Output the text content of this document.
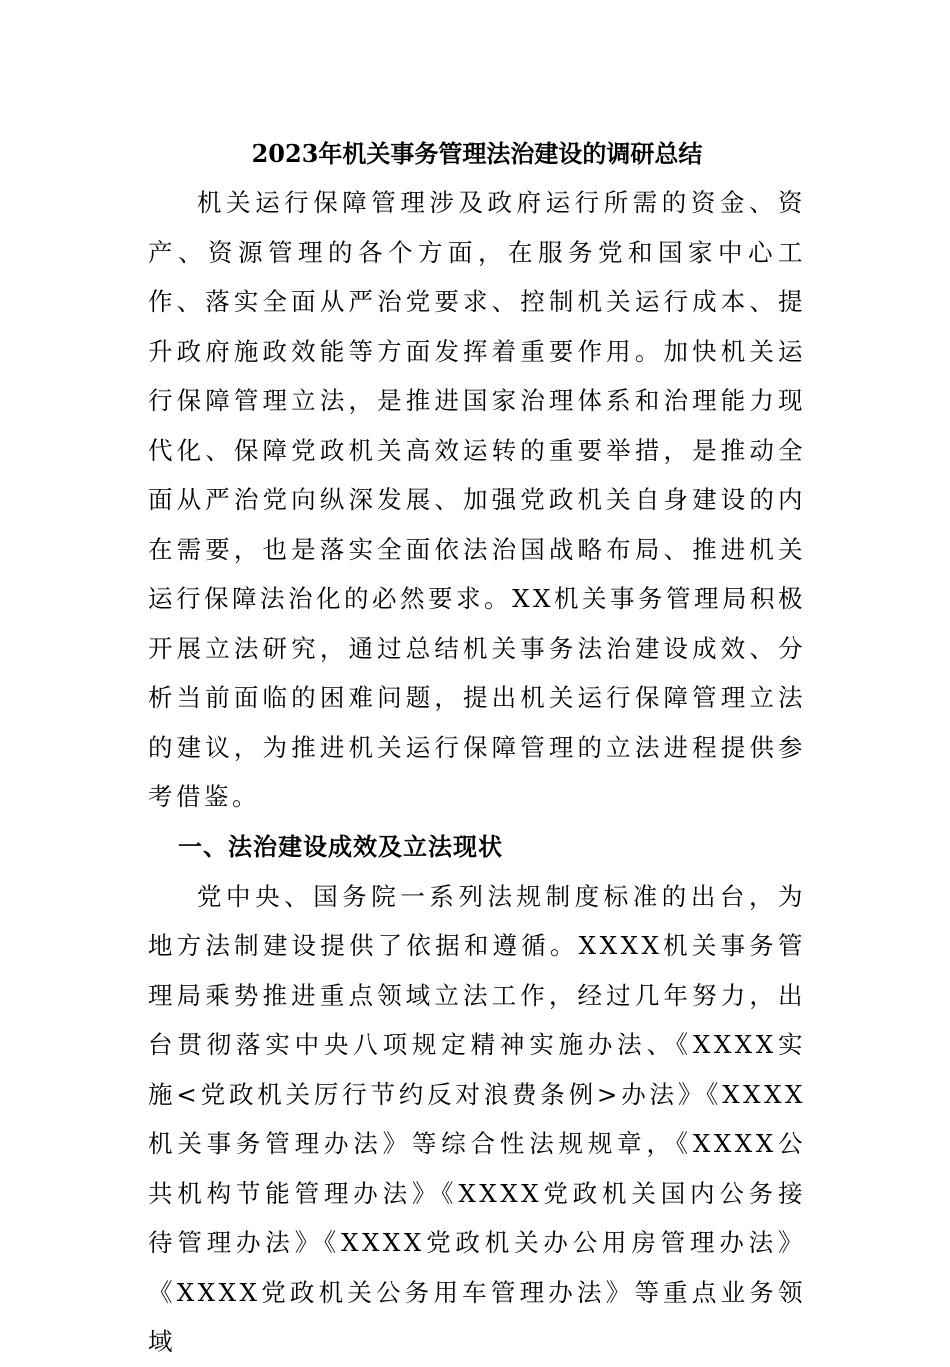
2023年机关事务管理法治建设的调研总结

机关运行保障管理涉及政府运行所需的资金、资产、资源管理的各个方面，在服务党和国家中心工作、落实全面从严治党要求、控制机关运行成本、提升政府施政效能等方面发挥着重要作用。加快机关运行保障管理立法，是推进国家治理体系和治理能力现代化、保障党政机关高效运转的重要举措，是推动全面从严治党向纵深发展、加强党政机关自身建设的内在需要，也是落实全面依法治国战略布局、推进机关运行保障法治化的必然要求。XX机关事务管理局积极开展立法研究，通过总结机关事务法治建设成效、分析当前面临的困难问题，提出机关运行保障管理立法的建议，为推进机关运行保障管理的立法进程提供参考借鉴。

一、法治建设成效及立法现状

党中央、国务院一系列法规制度标准的出台，为地方法制建设提供了依据和遵循。XXXX机关事务管理局乘势推进重点领域立法工作，经过几年努力，出台贯彻落实中央八项规定精神实施办法、《XXXX实施<党政机关厉行节约反对浪费条例>办法》《XXXX机关事务管理办法》等综合性法规规章，《XXXX公共机构节能管理办法》《XXXX党政机关国内公务接待管理办法》《XXXX党政机关办公用房管理办法》《XXXX党政机关公务用车管理办法》等重点业务领域
